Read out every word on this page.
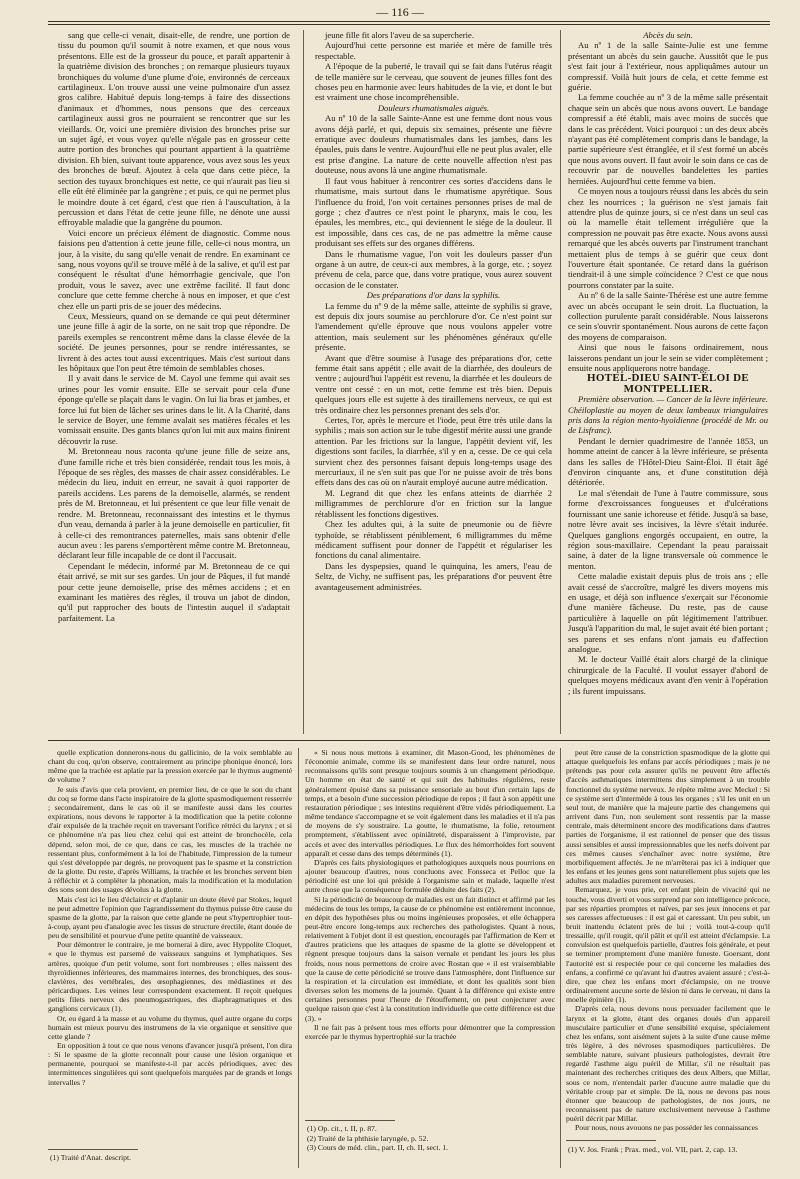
— 116 —

sang que celle-ci venait, disait-elle, de rendre, une portion de tissu du poumon qu'il soumit à notre examen, et que nous vous présentons. Elle est de la grosseur du pouce, et paraît appartenir à la quatrième division des bronches ; on remarque plusieurs tuyaux bronchiques du volume d'une plume d'oie, environnés de cerceaux cartilagineux. L'on trouve aussi une veine pulmonaire d'un assez gros calibre. Habitué depuis long-temps à faire des dissections d'animaux et d'hommes, nous pensons que des cerceaux cartilagineux aussi gros ne pourraient se rencontrer que sur les vieillards. Or, voici une première division des bronches prise sur un sujet âgé, et vous voyez qu'elle n'égale pas en grosseur cette autre portion des bronches qui pourtant appartient à la quatrième division. Eh bien, suivant toute apparence, vous avez sous les yeux des bronches de bœuf. Ajoutez à cela que dans cette pièce, la section des tuyaux bronchiques est nette, ce qui n'aurait pas lieu si elle eût été éliminée par la gangrène ; et puis, ce qui ne permet plus le moindre doute à cet égard, c'est que rien à l'auscultation, à la percussion et dans l'état de cette jeune fille, ne dénote une aussi effroyable maladie que la gangrène du poumon.

Voici encore un précieux élément de diagnostic. Comme nous faisions peu d'attention à cette jeune fille, celle-ci nous montra, un jour, à la visite, du sang qu'elle venait de rendre. En examinant ce sang, nous voyons qu'il se trouve mêlé à de la salive, et qu'il est par conséquent le résultat d'une hémorrhagie gencivale, que l'on produit, vous le savez, avec une extrême facilité. Il faut donc conclure que cette femme cherche à nous en imposer, et que c'est chez elle un parti pris de se jouer des médecins.

Ceux, Messieurs, quand on se demande ce qui peut déterminer une jeune fille à agir de la sorte, on ne sait trop que répondre. De pareils exemples se rencontrent même dans la classe élevée de la société. De jeunes personnes, pour se rendre intéressantes, se livrent à des actes tout aussi excentriques. Mais c'est surtout dans les hôpitaux que l'on peut être témoin de semblables choses.

Il y avait dans le service de M. Cayol une femme qui avait ses urines pour les vomir ensuite. Elle se servait pour cela d'une éponge qu'elle se plaçait dans le vagin. On lui lia bras et jambes, et force lui fut bien de lâcher ses urines dans le lit. A la Charité, dans le service de Boyer, une femme avalait ses matières fécales et les vomissait ensuite. Des gants blancs qu'on lui mit aux mains finirent découvrir la ruse.

M. Bretonneau nous raconta qu'une jeune fille de seize ans, d'une famille riche et très bien considérée, rendait tous les mois, à l'époque de ses règles, des masses de chair assez considérables. Le médecin du lieu, induit en erreur, ne savait à quoi rapporter de pareils accidens. Les parens de la demoiselle, alarmés, se rendent près de M. Bretonneau, et lui présentent ce que leur fille venait de rendre. M. Bretonneau, reconnaissant des intestins et le thymus d'un veau, demanda à parler à la jeune demoiselle en particulier, fit à celle-ci des remontrances paternelles, mais sans obtenir d'elle aucun aveu : les parens s'emportèrent même contre M. Bretonneau, déclarant leur fille incapable de ce dont il l'accusait.

Cependant le médecin, informé par M. Bretonneau de ce qui était arrivé, se mit sur ses gardes. Un jour de Pâques, il fut mandé pour cette jeune demoiselle, prise des mêmes accidens ; et en examinant les matières des règles, il trouva un jabot de dindon, qu'il put rapprocher des bouts de l'intestin auquel il s'adaptait parfaitement. La

jeune fille fit alors l'aveu de sa supercherie.

Aujourd'hui cette personne est mariée et mère de famille très respectable.

A l'époque de la puberté, le travail qui se fait dans l'utérus réagit de telle manière sur le cerveau, que souvent de jeunes filles font des choses peu en harmonie avec leurs habitudes de la vie, et dont le but est vraiment une chose incompréhensible.

Douleurs rhumatismales aiguës.

Au nº 10 de la salle Sainte-Anne est une femme dont nous vous avons déjà parlé, et qui, depuis six semaines, présente une fièvre erratique avec douleurs rhumatismales dans les jambes, dans les épaules, puis dans le ventre. Aujourd'hui elle ne peut plus avaler, elle est prise d'angine. La nature de cette nouvelle affection n'est pas douteuse, nous avons là une angine rhumatismale.

Il faut vous habituer à rencontrer ces sortes d'accidens dans le rhumatisme, mais surtout dans le rhumatisme apyrétique. Sous l'influence du froid, l'on voit certaines personnes prises de mal de gorge ; chez d'autres ce n'est point le pharynx, mais le cou, les épaules, les membres, etc., qui deviennent le siége de la douleur. Il est impossible, dans ces cas, de ne pas admettre la même cause produisant ses effets sur des organes différens.

Dans le rhumatisme vague, l'on voit les douleurs passer d'un organe à un autre, de ceux-ci aux membres, à la gorge, etc. ; soyez prévenu de cela, parce que, dans votre pratique, vous aurez souvent occasion de le constater.

Des préparations d'or dans la syphilis.

La femme du nº 9 de la même salle, atteinte de syphilis si grave, est depuis dix jours soumise au perchlorure d'or. Ce n'est point sur l'amendement qu'elle éprouve que nous voulons appeler votre attention, mais seulement sur les phénomènes généraux qu'elle présente.

Avant que d'être soumise à l'usage des préparations d'or, cette femme était sans appétit ; elle avait de la diarrhée, des douleurs de ventre ; aujourd'hui l'appétit est revenu, la diarrhée et les douleurs de ventre ont cessé : en un mot, cette femme est très bien. Depuis quelques jours elle est sujette à des tiraillemens nerveux, ce qui est très ordinaire chez les personnes prenant des sels d'or.

Certes, l'or, après le mercure et l'iode, peut être très utile dans la syphilis ; mais son action sur le tube digestif mérite aussi une grande attention. Par les frictions sur la langue, l'appétit devient vif, les digestions sont faciles, la diarrhée, s'il y en a, cesse. De ce qui cela survient chez des personnes faisant depuis long-temps usage des mercuriaux, il ne s'en suit pas que l'or ne puisse avoir de très bons effets dans des cas où on n'aurait employé aucune autre médication.

M. Legrand dit que chez les enfans atteints de diarrhée 2 milligrammes de perchlorure d'or en friction sur la langue rétablissent les fonctions digestives.

Chez les adultes qui, à la suite de pneumonie ou de fièvre typhoïde, se rétablissent péniblement, 6 milligrammes du même médicament suffisent pour donner de l'appétit et régulariser les fonctions du canal alimentaire.

Dans les dyspepsies, quand le quinquina, les amers, l'eau de Seltz, de Vichy, ne suffisent pas, les préparations d'or peuvent être avantageusement administrées.

Abcès du sein.

Au nº 1 de la salle Sainte-Julie est une femme présentant un abcès du sein gauche. Aussitôt que le pus s'est fait jour à l'extérieur, nous appliquâmes autour un compressif. Voilà huit jours de cela, et cette femme est guérie.

La femme couchée au nº 3 de la même salle présentait chaque sein un abcès que nous avons ouvert. Le bandage compressif a été établi, mais avec moins de succès que dans le cas précédent. Voici pourquoi : un des deux abcès n'ayant pas été complètement compris dans le bandage, la partie supérieure s'est étranglée, et il s'est formé un abcès que nous avons ouvert. Il faut avoir le soin dans ce cas de recouvrir par de nouvelles bandelettes les parties herniées. Aujourd'hui cette femme va bien.

Ce moyen nous a toujours réussi dans les abcès du sein chez les nourrices ; la guérison ne s'est jamais fait attendre plus de quinze jours, si ce n'est dans un seul cas où la mamelle était tellement irrégulière que la compression ne pouvait pas être exacte. Nous avons aussi remarqué que les abcès ouverts par l'instrument tranchant mettaient plus de temps à se guérir que ceux dont l'ouverture était spontanée. Ce retard dans la guérison tiendrait-il à une simple coïncidence ? C'est ce que nous pourrons constater par la suite.

Au nº 6 de la salle Sainte-Thérèse est une autre femme avec un abcès occupant le sein droit. La fluctuation, la collection purulente paraît considérable. Nous laisserons ce sein s'ouvrir spontanément. Nous aurons de cette façon des moyens de comparaison.

Ainsi que nous le faisons ordinairement, nous laisserons pendant un jour le sein se vider complètement ; ensuite nous appliquerons notre bandage.

HOTEL-DIEU SAINT-ÉLOI DE MONTPELLIER.

Première observation. — Cancer de la lèvre inférieure. Chéiloplastie au moyen de deux lambeaux triangulaires pris dans la région mento-hyoïdienne (procédé de Mr. ou de Lisfranc).

Pendant le dernier quadrimestre de l'année 1853, un homme atteint de cancer à la lèvre inférieure, se présenta dans les salles de l'Hôtel-Dieu Saint-Éloi. Il était âgé d'environ cinquante ans, et d'une constitution déjà détériorée.

Le mal s'étendait de l'une à l'autre commissure, sous forme d'excroissances fongueuses et d'ulcérations fournissant une sanie ichoreuse et fétide. Jusqu'à sa base, notre lèvre avait ses incisives, la lèvre s'était indurée. Quelques ganglions engorgés occupaient, en outre, la région sous-maxillaire. Cependant la peau paraissait saine, à dater de la ligne transversale où commence le menton.

Cette maladie existait depuis plus de trois ans ; elle avait cessé de s'accroître, malgré les divers moyens mis en usage, et déjà son influence s'exerçait sur l'économie d'une manière fâcheuse. Du reste, pas de cause particulière à laquelle on pût légitimement l'attribuer. Jusqu'à l'apparition du mal, le sujet avait été bien portant ; ses parens et ses enfans n'ont jamais eu d'affection analogue.

M. le docteur Vaillé était alors chargé de la clinique chirurgicale de la Faculté. Il voulut essayer d'abord de quelques moyens médicaux avant d'en venir à l'opération ; ils furent impuissans.

quelle explication donnerons-nous du gallicinio, de la voix semblable au chant du coq, qu'on observe, contrairement au principe phonique énoncé, lors même que la trachée est aplatie par la pression exercée par le thymus augmenté de volume ?

Je suis d'avis que cela provient, en premier lieu, de ce que le son du chant du coq se forme dans l'acte inspiratoire de la glotte spasmodiquement resserrée ; secondairement, dans le cas où il se manifeste aussi dans les courtes expirations, nous devons le rapporter à la modification que la petite colonne d'air expulsée de la trachée reçoit en traversant l'orifice rétréci du larynx ; et si ce phénomène n'a pas lieu chez celui qui est atteint de bronchocèle, cela dépend, selon moi, de ce que, dans ce cas, les muscles de la trachée ne ressentant plus, conformément à la loi de l'habitude, l'impression de la tumeur qui s'est développée par degrés, ne provoquent pas le spasme et la constriction de la glotte. Du reste, d'après Williams, la trachée et les bronches servent bien à réfléchir et à compléter la phonation, mais la modification et la modulation des sons sont des usages dévolus à la glotte.

Mais c'est ici le lieu d'éclaircir et d'aplanir un doute élevé par Stokes, lequel ne peut admettre l'opinion que l'agrandissement du thymus puisse être cause du spasme de la glotte, par la raison que cette glande ne peut s'hypertrophier tout-à-coup, ayant peu d'analogie avec les tissus de structure érectile, étant douée de peu de sensibilité et pourvue d'une petite quantité de vaisseaux.

Pour démontrer le contraire, je me bornerai à dire, avec Hyppolite Cloquet, « que le thymus est parsemé de vaisseaux sanguins et lymphatiques. Ses artères, quoique d'un petit volume, sont fort nombreuses ; elles naissent des thyroïdiennes inférieures, des mammaires internes, des bronchiques, des sous-clavières, des vertébrales, des œsophagiennes, des médiastines et des péricardiques. Les veines leur correspondent exactement. Il reçoit quelques petits filets nerveux des pneumogastriques, des diaphragmatiques et des ganglions cervicaux (1).

Or, eu égard à la masse et au volume du thymus, quel autre organe du corps humain est mieux pourvu des instrumens de la vie organique et sensitive que cette glande ?

En opposition à tout ce que nous venons d'avancer jusqu'à présent, l'on dira : Si le spasme de la glotte reconnaît pour cause une lésion organique et permanente, pourquoi se manifeste-t-il par accès périodiques, avec des intermittences singulières qui sont quelquefois marquées par de grands et longs intervalles ?

(1) Traité d'Anat. descript.

« Si nous nous mettons à examiner, dit Mason-Good, les phénomènes de l'économie animale, comme ils se manifestent dans leur ordre naturel, nous reconnaissons qu'ils sont presque toujours soumis à un changement périodique. Un homme en état de santé et qui suit des habitudes régulières, reste généralement épuisé dans sa puissance sensoriale au bout d'un certain laps de temps, et a besoin d'une succession périodique de repos ; il faut à son appétit une restauration périodique ; ses intestins requièrent d'être vidés périodiquement. La même tendance s'accompagne et se voit également dans les maladies et il n'a pas de moyens de s'y soustraire. La goutte, le rhumatisme, la folie, retournent promptement, s'établissent avec opiniâtreté, disparaissent à l'improviste, par accès et avec des intervalles périodiques. Le flux des hémorrhoïdes fort souvent apparaît et cesse dans des temps déterminés (1).

D'après ces faits physiologiques et pathologiques auxquels nous pourrions en ajouter beaucoup d'autres, nous concluons avec Fonsseca et Pelloc que la périodicité est une loi qui préside à l'organisme sain et malade, laquelle n'est autre chose que la conséquence formulée déduite des faits (2).

Si la périodicité de beaucoup de maladies est un fait distinct et affirmé par les médecins de tous les temps, la cause de ce phénomène est entièrement inconnue, en dépit des hypothèses plus ou moins ingénieuses proposées, et elle échappera peut-être encore long-temps aux recherches des pathologistes. Quant à nous, relativement à l'objet dont il est question, encouragés par l'affirmation de Kerr et d'autres praticiens que les attaques de spasme de la glotte se développent et règnent presque toujours dans la saison vernale et pendant les jours les plus froids, nous nous permettons de croire avec Rostan que « il est vraisemblable que la cause de cette périodicité se trouve dans l'atmosphère, dont l'influence sur la respiration et la circulation est immédiate, et dont les qualités sont bien diverses selon les momens de la journée. Quant à la différence qui existe entre certaines personnes pour l'heure de l'étouffement, on peut conjecturer avec quelque raison que c'est à la constitution individuelle que cette différence est due (3). »

Il ne fait pas à présent tous mes efforts pour démontrer que la compression exercée par le thymus hypertrophié sur la trachée

(1) Op. cit., t. II, p. 87.
(2) Traité de la phthisie laryngée, p. 52.
(3) Cours de méd. clin., part. II, ch. II, sect. 1.

peut être cause de la constriction spasmodique de la glotte qui attaque quelquefois les enfans par accès périodiques ; mais je ne prétends pas pour cela assurer qu'ils ne peuvent être affectés d'accès asthmatiques intermittens dus simplement à un trouble fonctionnel du système nerveux. Je répète même avec Meckel : Si ce système sert d'intermède à tous les organes ; s'il les unit en un seul tout, de manière que la majeure partie des changemens qui arrivent dans l'un, non seulement sont ressentis par la masse centrale, mais déterminent encore des modifications dans d'autres parties de l'organisme, il est rationnel de penser que des tissus aussi sensibles et aussi impressionnables que les nerfs doivent par ces mêmes causes s'enchaîner avec notre système, être morbifiquement affectés. Je ne m'arrêterai pas ici à indiquer que les enfans et les jeunes gens sont naturellement plus sujets que les adultes aux maladies purement nerveuses.

Remarquez, je vous prie, cet enfant plein de vivacité qui ne touche, vous diverti et vous surprend par son intelligence précoce, par ses réparties promptes et naïves, par ses jeux innocens et par ses caresses affectueuses : il est gai et caressant. Un peu subit, un bruit inattendu éclatent près de lui ; voilà tout-à-coup qu'il tressaille, qu'il rougit, qu'il pâlit et qu'il est atteint d'éclampsie. La convulsion est quelquefois partielle, d'autres fois générale, et peut se terminer promptement d'une manière funeste. Goersant, dont l'autorité est si respectée pour ce qui concerne les maladies des enfans, a confirmé ce qu'avant lui d'autres avaient assuré ; c'est-à-dire, que chez les enfans mort d'éclampsie, on ne trouve ordinairement aucune sorte de lésion ni dans le cerveau, ni dans la moelle épinière (1).

D'après cela, nous devons nous persuader facilement que le larynx et la glotte, étant des organes doués d'un appareil musculaire particulier et d'une sensibilité exquise, spécialement chez les enfans, sont aisément sujets à la suite d'une cause même très légère, à des névroses spasmodiques particulières. De semblable nature, suivant plusieurs pathologistes, devrait être regardé l'asthme aigu puéril de Millar, s'il ne résultait pas maintenant des recherches critiques des deux Albers, que Millar, sous ce nom, n'entendait parler d'aucune autre maladie que du véritable croup par et simple. De là, nous ne devons pas nous étonner que beaucoup de pathologistes, de nos jours, ne reconnaissent pas de nature exclusivement nerveuse à l'asthme puéril décrit par Millar.

Pour nous, nous avouons ne pas posséder les connaissances

(1) V. Jos. Frank ; Prax. med., vol. VII, part. 2, cap. 13.
